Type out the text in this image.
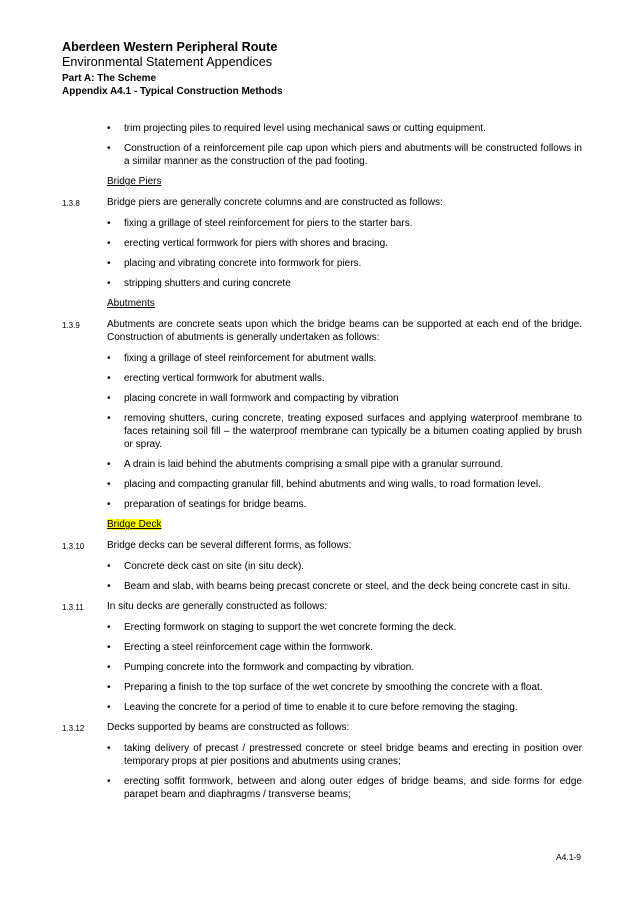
Aberdeen Western Peripheral Route
Environmental Statement Appendices
Part A: The Scheme
Appendix A4.1 - Typical Construction Methods
• trim projecting piles to required level using mechanical saws or cutting equipment.
• Construction of a reinforcement pile cap upon which piers and abutments will be constructed follows in a similar manner as the construction of the pad footing.
Bridge Piers
1.3.8	Bridge piers are generally concrete columns and are constructed as follows:
• fixing a grillage of steel reinforcement for piers to the starter bars.
• erecting vertical formwork for piers with shores and bracing.
• placing and vibrating concrete into formwork for piers.
• stripping shutters and curing concrete
Abutments
1.3.9	Abutments are concrete seats upon which the bridge beams can be supported at each end of the bridge. Construction of abutments is generally undertaken as follows:
• fixing a grillage of steel reinforcement for abutment walls.
• erecting vertical formwork for abutment walls.
• placing concrete in wall formwork and compacting by vibration
• removing shutters, curing concrete, treating exposed surfaces and applying waterproof membrane to faces retaining soil fill – the waterproof membrane can typically be a bitumen coating applied by brush or spray.
• A drain is laid behind the abutments comprising a small pipe with a granular surround.
• placing and compacting granular fill, behind abutments and wing walls, to road formation level.
• preparation of seatings for bridge beams.
Bridge Deck
1.3.10 Bridge decks can be several different forms, as follows:
• Concrete deck cast on site (in situ deck).
• Beam and slab, with beams being precast concrete or steel, and the deck being concrete cast in situ.
1.3.11 In situ decks are generally constructed as follows:
• Erecting formwork on staging to support the wet concrete forming the deck.
• Erecting a steel reinforcement cage within the formwork.
• Pumping concrete into the formwork and compacting by vibration.
• Preparing a finish to the top surface of the wet concrete by smoothing the concrete with a float.
• Leaving the concrete for a period of time to enable it to cure before removing the staging.
1.3.12 Decks supported by beams are constructed as follows:
• taking delivery of precast / prestressed concrete or steel bridge beams and erecting in position over temporary props at pier positions and abutments using cranes;
• erecting soffit formwork, between and along outer edges of bridge beams, and side forms for edge parapet beam and diaphragms / transverse beams;
A4.1-9
